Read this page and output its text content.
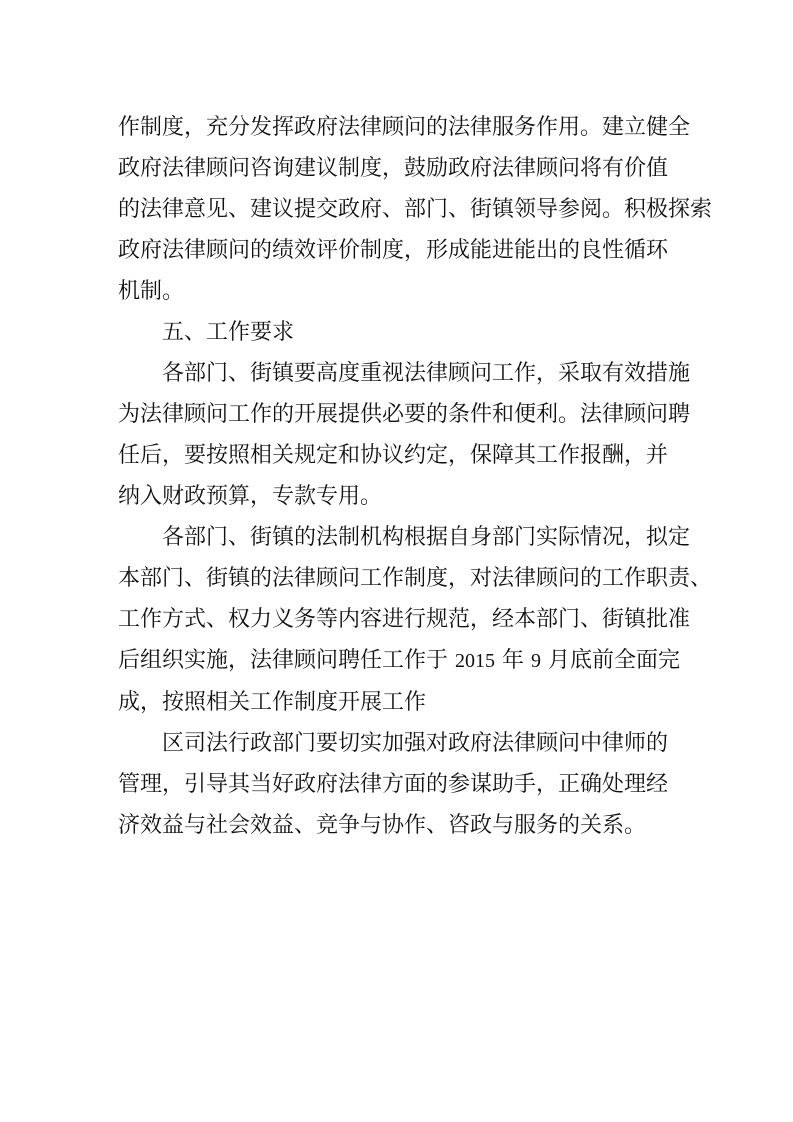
作制度，充分发挥政府法律顾问的法律服务作用。建立健全
政府法律顾问咨询建议制度，鼓励政府法律顾问将有价值
的法律意见、建议提交政府、部门、街镇领导参阅。积极探索
政府法律顾问的绩效评价制度，形成能进能出的良性循环
机制。

五、工作要求

各部门、街镇要高度重视法律顾问工作，采取有效措施

为法律顾问工作的开展提供必要的条件和便利。法律顾问聘
任后，要按照相关规定和协议约定，保障其工作报酬，并
纳入财政预算，专款专用。

各部门、街镇的法制机构根据自身部门实际情况，拟定

本部门、街镇的法律顾问工作制度，对法律顾问的工作职责、
工作方式、权力义务等内容进行规范，经本部门、街镇批准
后组织实施，法律顾问聘任工作于 2015 年 9 月底前全面完
成，按照相关工作制度开展工作

区司法行政部门要切实加强对政府法律顾问中律师的

管理，引导其当好政府法律方面的参谋助手，正确处理经
济效益与社会效益、竞争与协作、咨政与服务的关系。
